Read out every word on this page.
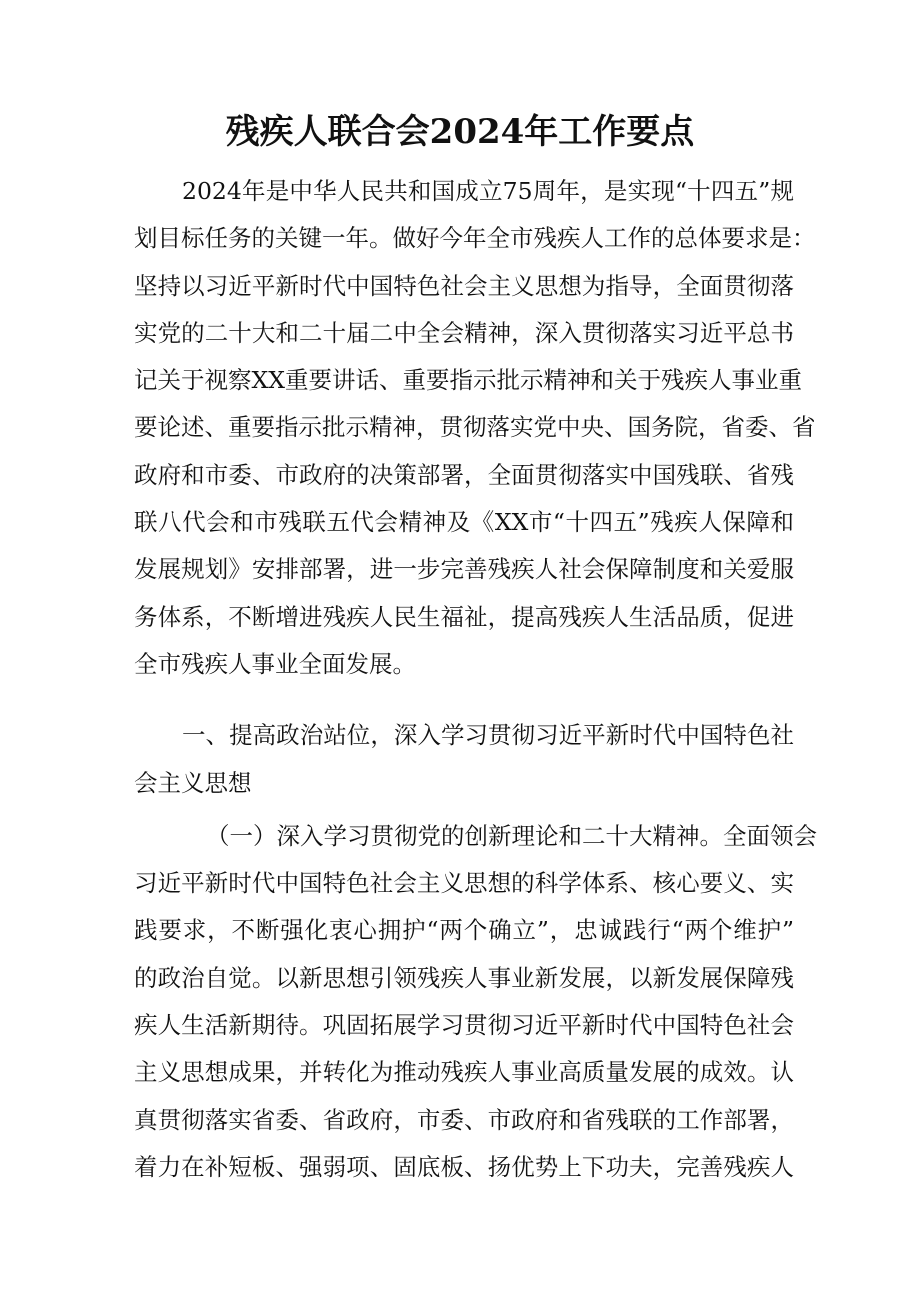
残疾人联合会2024年工作要点
2024年是中华人民共和国成立75周年，是实现“十四五”规
划目标任务的关键一年。做好今年全市残疾人工作的总体要求是：
坚持以习近平新时代中国特色社会主义思想为指导，全面贯彻落
实党的二十大和二十届二中全会精神，深入贯彻落实习近平总书
记关于视察XX重要讲话、重要指示批示精神和关于残疾人事业重
要论述、重要指示批示精神，贯彻落实党中央、国务院，省委、省
政府和市委、市政府的决策部署，全面贯彻落实中国残联、省残
联八代会和市残联五代会精神及《XX市“十四五”残疾人保障和
发展规划》安排部署，进一步完善残疾人社会保障制度和关爱服
务体系，不断增进残疾人民生福祉，提高残疾人生活品质，促进
全市残疾人事业全面发展。
一、提高政治站位，深入学习贯彻习近平新时代中国特色社
会主义思想
（一）深入学习贯彻党的创新理论和二十大精神。全面领会
习近平新时代中国特色社会主义思想的科学体系、核心要义、实
践要求，不断强化衷心拥护“两个确立”，忠诚践行“两个维护”
的政治自觉。以新思想引领残疾人事业新发展，以新发展保障残
疾人生活新期待。巩固拓展学习贯彻习近平新时代中国特色社会
主义思想成果，并转化为推动残疾人事业高质量发展的成效。认
真贯彻落实省委、省政府，市委、市政府和省残联的工作部署，
着力在补短板、强弱项、固底板、扬优势上下功夫，完善残疾人
